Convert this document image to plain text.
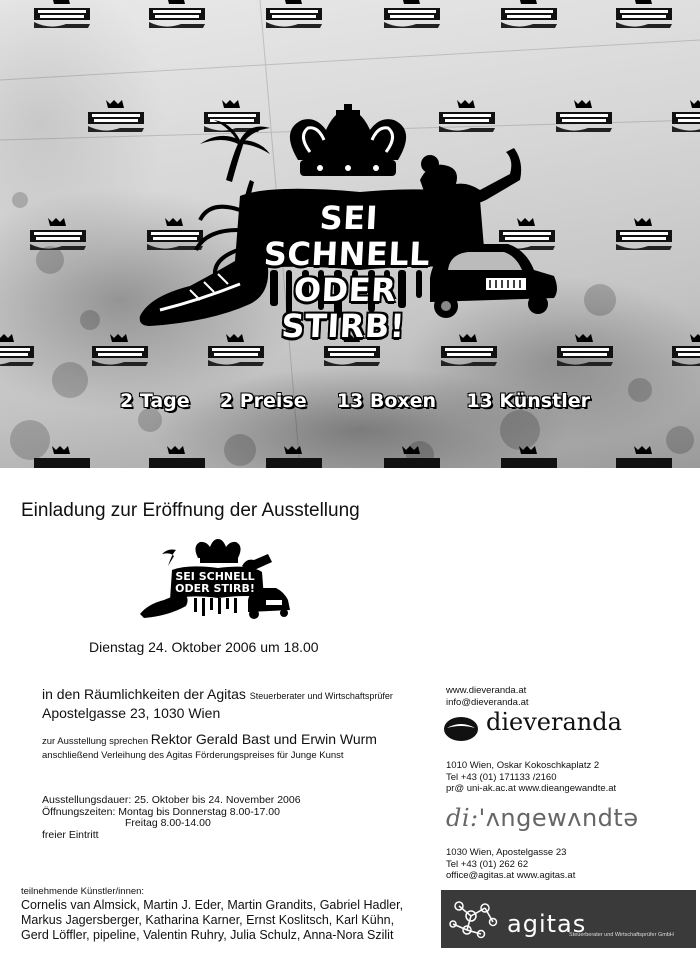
SEI SCHNELL
ODER STIRB!
2 Tage 2 Preise 13 Boxen 13 Künstler
Einladung zur Eröffnung der Ausstellung
SEI SCHNELL
ODER STIRB!
Dienstag 24. Oktober 2006 um 18.00
in den Räumlichkeiten der Agitas Steuerberater und Wirtschaftsprüfer
Apostelgasse 23, 1030 Wien
zur Ausstellung sprechen Rektor Gerald Bast und Erwin Wurm
anschließend Verleihung des Agitas Förderungspreises für Junge Kunst
Ausstellungsdauer: 25. Oktober bis 24. November 2006
Öffnungszeiten: Montag bis Donnerstag 8.00-17.00
Freitag 8.00-14.00
freier Eintritt
teilnehmende Künstler/innen:
Cornelis van Almsick, Martin J. Eder, Martin Grandits, Gabriel Hadler,
Markus Jagersberger, Katharina Karner, Ernst Koslitsch, Karl Kühn,
Gerd Löffler, pipeline, Valentin Ruhry, Julia Schulz, Anna-Nora Szilit
www.dieveranda.at
info@dieveranda.at
dieveranda
1010 Wien, Oskar Kokoschkaplatz 2
Tel +43 (01) 171133 /2160
pr@ uni-ak.ac.at www.dieangewandte.at
di:'ʌngewʌndtə
1030 Wien, Apostelgasse 23
Tel +43 (01) 262 62
office@agitas.at www.agitas.at
agitas
Steuerberater und Wirtschaftsprüfer GmbH
